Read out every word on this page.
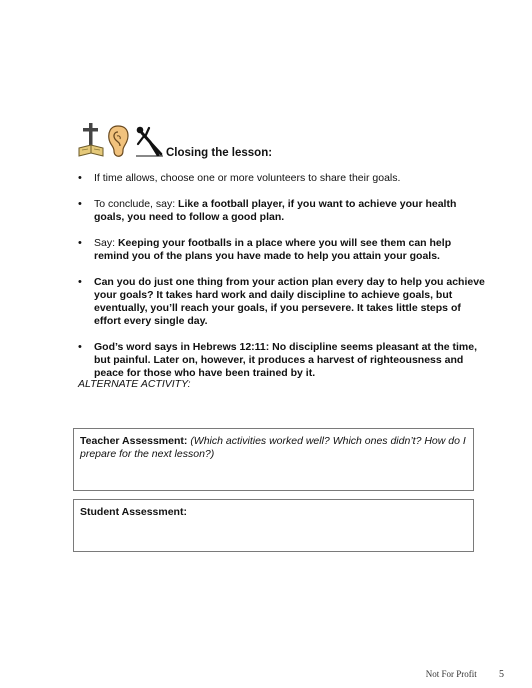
Closing the lesson:
• If time allows, choose one or more volunteers to share their goals.
• To conclude, say: Like a football player, if you want to achieve your health goals, you need to follow a good plan.
• Say: Keeping your footballs in a place where you will see them can help remind you of the plans you have made to help you attain your goals.
• Can you do just one thing from your action plan every day to help you achieve your goals? It takes hard work and daily discipline to achieve goals, but eventually, you’ll reach your goals, if you persevere. It takes little steps of effort every single day.
• God’s word says in Hebrews 12:11: No discipline seems pleasant at the time, but painful. Later on, however, it produces a harvest of righteousness and peace for those who have been trained by it.
ALTERNATE ACTIVITY:
Teacher Assessment: (Which activities worked well? Which ones didn’t? How do I prepare for the next lesson?)
Student Assessment:
Not For Profit 5
